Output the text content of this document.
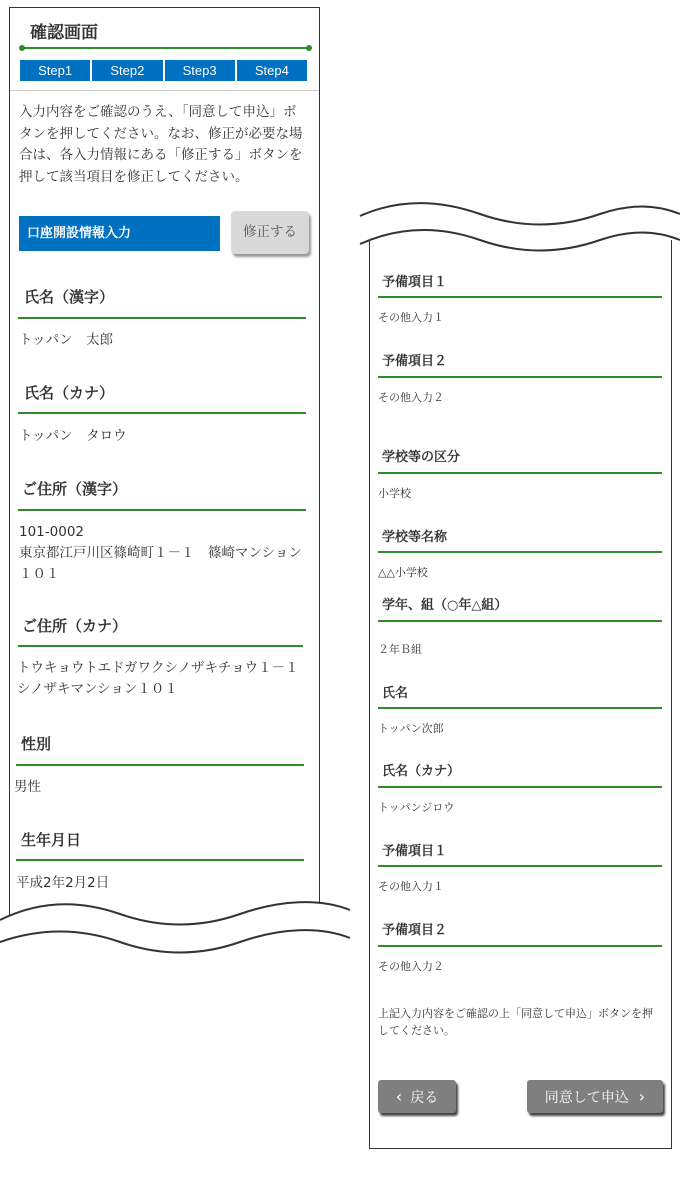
確認画面
Step1	Step2	Step3	Step4
入力内容をご確認のうえ、「同意して申込」ボタンを押してください。なお、修正が必要な場合は、各入力情報にある「修正する」ボタンを押して該当項目を修正してください。
口座開設情報入力	修正する
氏名（漢字）
トッパン　太郎
氏名（カナ）
トッパン　タロウ
ご住所（漢字）
101-0002
東京都江戸川区篠崎町１－１　篠崎マンション１０１
ご住所（カナ）
トウキョウトエドガワクシノザキチョウ１－１　シノザキマンション１０１
性別
男性
生年月日
平成2年2月2日
予備項目１
その他入力１
予備項目２
その他入力２
学校等の区分
小学校
学校等名称
△△小学校
学年、組（○年△組）
２年Ｂ組
氏名
トッパン次郎
氏名（カナ）
トッパンジロウ
予備項目１
その他入力１
予備項目２
その他入力２
上記入力内容をご確認の上「同意して申込」ボタンを押してください。
‹ 戻る	同意して申込 ›
